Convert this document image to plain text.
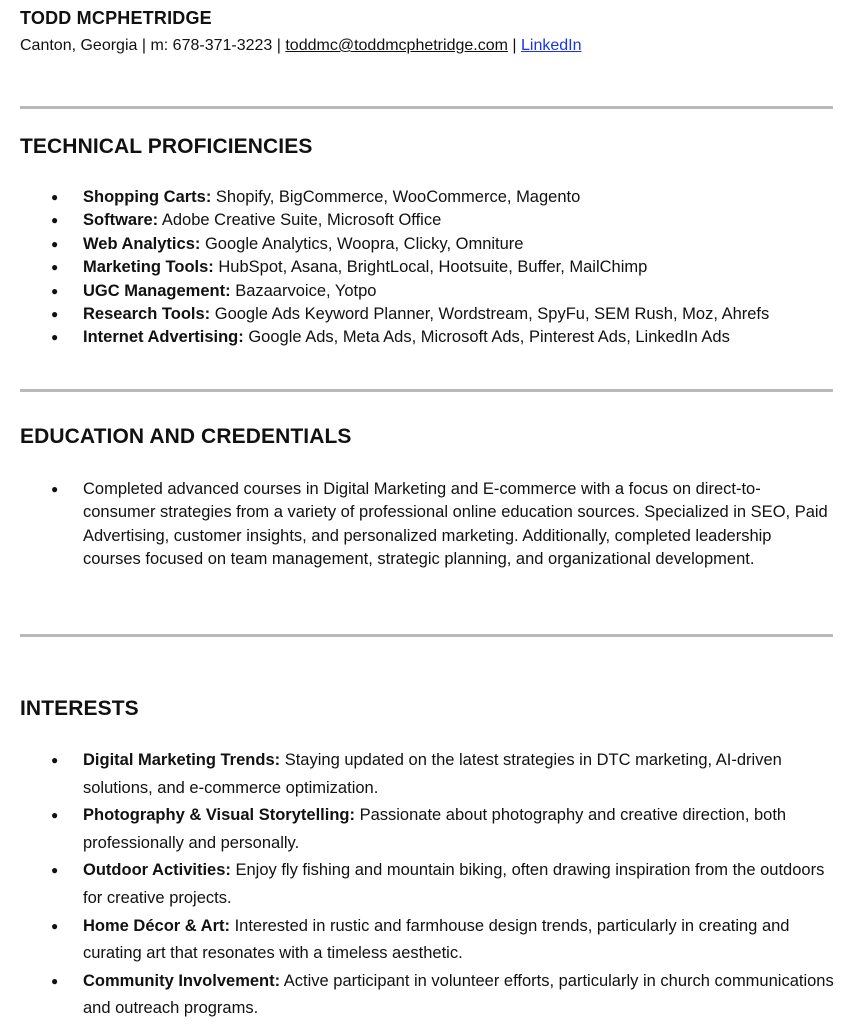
TODD MCPHETRIDGE
Canton, Georgia | m: 678-371-3223 | toddmc@toddmcphetridge.com | LinkedIn
TECHNICAL PROFICIENCIES
● Shopping Carts: Shopify, BigCommerce, WooCommerce, Magento
● Software: Adobe Creative Suite, Microsoft Office
● Web Analytics: Google Analytics, Woopra, Clicky, Omniture
● Marketing Tools: HubSpot, Asana, BrightLocal, Hootsuite, Buffer, MailChimp
● UGC Management: Bazaarvoice, Yotpo
● Research Tools: Google Ads Keyword Planner, Wordstream, SpyFu, SEM Rush, Moz, Ahrefs
● Internet Advertising: Google Ads, Meta Ads, Microsoft Ads, Pinterest Ads, LinkedIn Ads
EDUCATION AND CREDENTIALS
● Completed advanced courses in Digital Marketing and E-commerce with a focus on direct-to-consumer strategies from a variety of professional online education sources. Specialized in SEO, Paid Advertising, customer insights, and personalized marketing. Additionally, completed leadership courses focused on team management, strategic planning, and organizational development.
INTERESTS
● Digital Marketing Trends: Staying updated on the latest strategies in DTC marketing, AI-driven solutions, and e-commerce optimization.
● Photography & Visual Storytelling: Passionate about photography and creative direction, both professionally and personally.
● Outdoor Activities: Enjoy fly fishing and mountain biking, often drawing inspiration from the outdoors for creative projects.
● Home Décor & Art: Interested in rustic and farmhouse design trends, particularly in creating and curating art that resonates with a timeless aesthetic.
● Community Involvement: Active participant in volunteer efforts, particularly in church communications and outreach programs.
